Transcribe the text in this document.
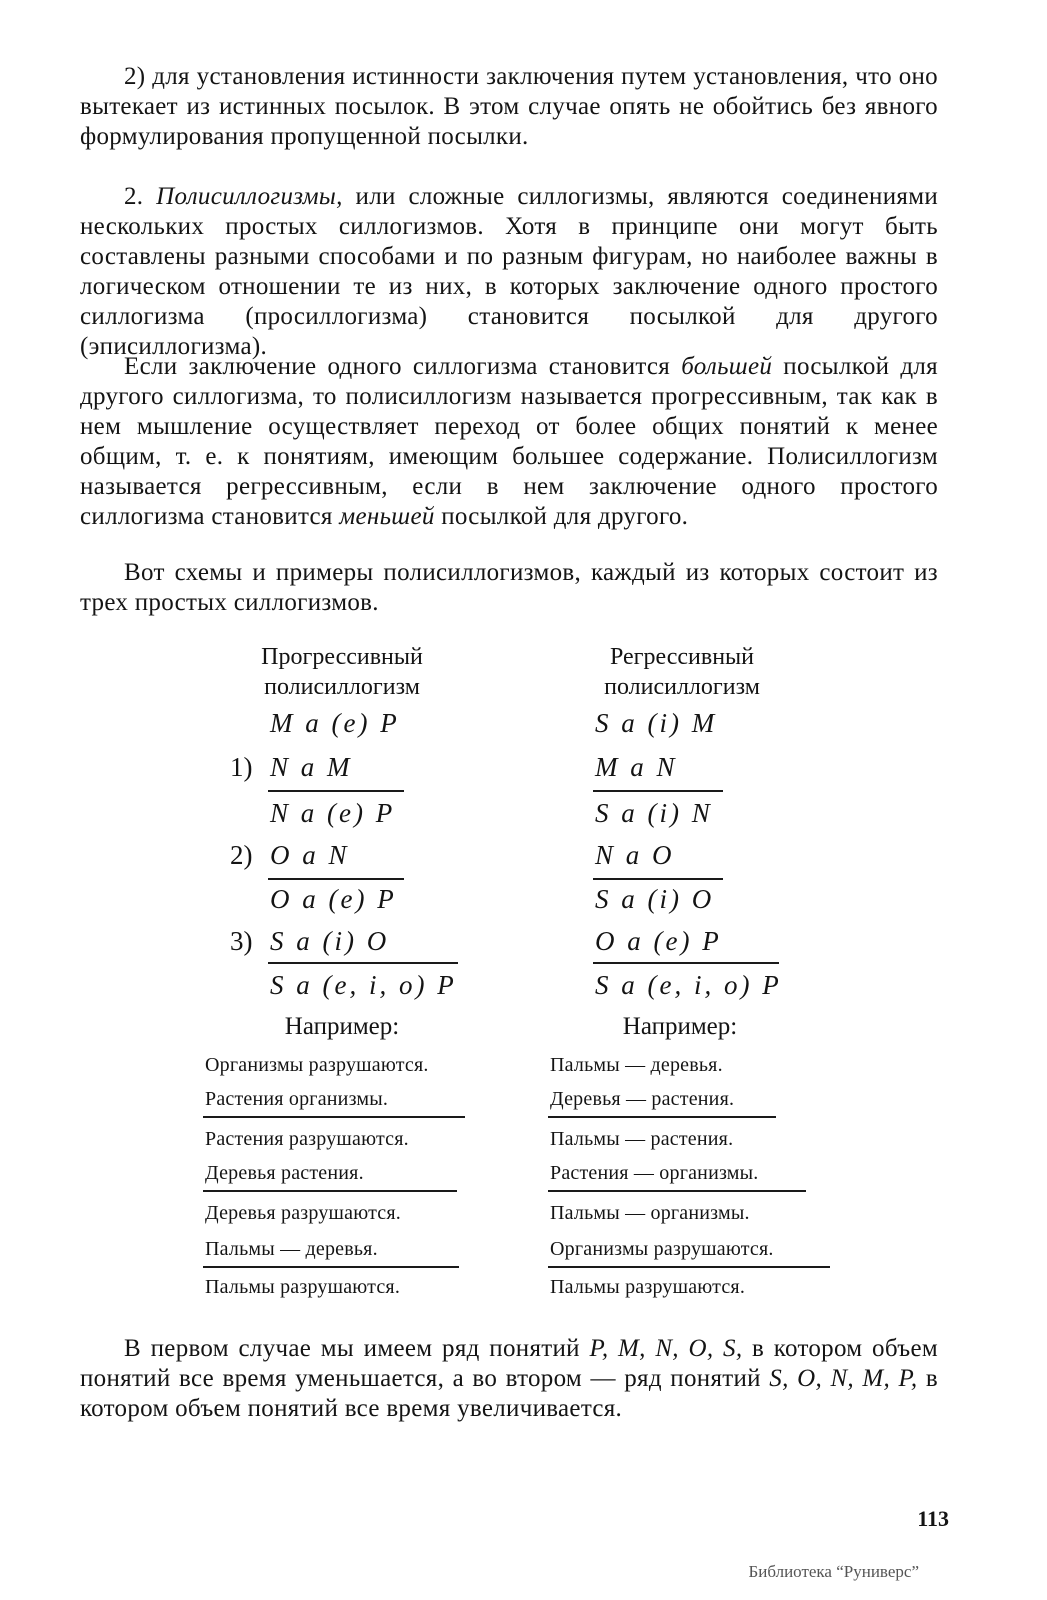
2) для установления истинности заключения путем установления, что оно вытекает из истинных посылок. В этом случае опять не обойтись без явного формулирования пропущенной посылки.

2. Полисиллогизмы, или сложные силлогизмы, являются соединениями нескольких простых силлогизмов. Хотя в принципе они могут быть составлены разными способами и по разным фигурам, но наиболее важны в логическом отношении те из них, в которых заключение одного простого силлогизма (просиллогизма) становится посылкой для другого (эписиллогизма).

Если заключение одного силлогизма становится большей посылкой для другого силлогизма, то полисиллогизм называется прогрессивным, так как в нем мышление осуществляет переход от более общих понятий к менее общим, т. е. к понятиям, имеющим большее содержание. Полисиллогизм называется регрессивным, если в нем заключение одного простого силлогизма становится меньшей посылкой для другого.

Вот схемы и примеры полисиллогизмов, каждый из которых состоит из трех простых силлогизмов.

Прогрессивный
полисиллогизм
M a (e) P
1) N a M
N a (e) P
2) O a N
O a (e) P
3) S a (i) O
S a (e, i, o) P
Например:
Организмы разрушаются.
Растения организмы.
Растения разрушаются.
Деревья растения.
Деревья разрушаются.
Пальмы — деревья.
Пальмы разрушаются.
Регрессивный
полисиллогизм
S a (i) M
M a N
S a (i) N
N a O
S a (i) O
O a (e) P
S a (e, i, o) P
Например:
Пальмы — деревья.
Деревья — растения.
Пальмы — растения.
Растения — организмы.
Пальмы — организмы.
Организмы разрушаются.
Пальмы разрушаются.

В первом случае мы имеем ряд понятий P, M, N, O, S, в котором объем понятий все время уменьшается, а во втором — ряд понятий S, O, N, M, P, в котором объем понятий все время увеличивается.

113
Библиотека “Руниверс”
